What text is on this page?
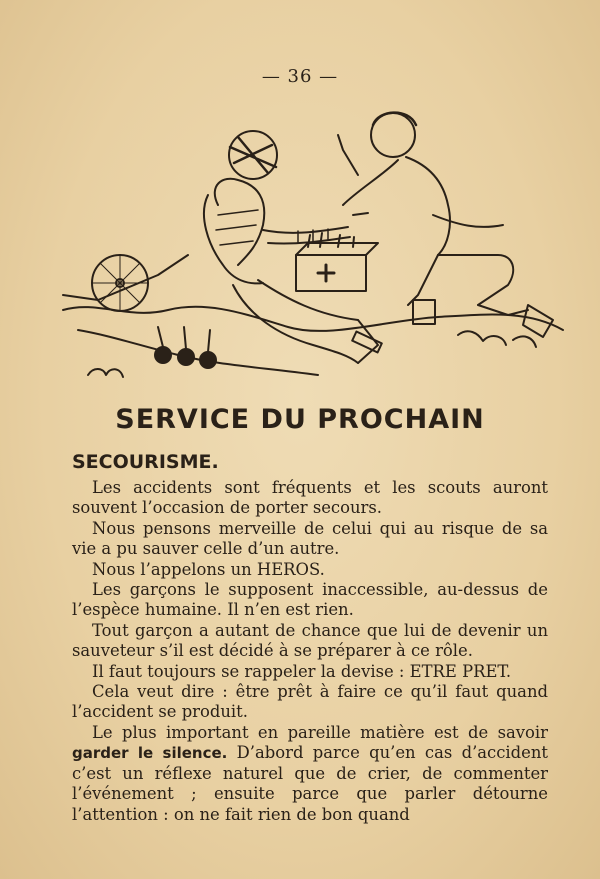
— 36 —
SERVICE DU PROCHAIN
SECOURISME.

Les accidents sont fréquents et les scouts auront souvent l’occasion de porter secours.

Nous pensons merveille de celui qui au risque de sa vie a pu sauver celle d’un autre.

Nous l’appelons un HEROS.

Les garçons le supposent inaccessible, au-dessus de l’espèce humaine. Il n’en est rien.

Tout garçon a autant de chance que lui de devenir un sauveteur s’il est décidé à se préparer à ce rôle.

Il faut toujours se rappeler la devise : ETRE PRET.

Cela veut dire : être prêt à faire ce qu’il faut quand l’accident se produit.

Le plus important en pareille matière est de savoir garder le silence. D’abord parce qu’en cas d’accident c’est un réflexe naturel que de crier, de commenter l’événement ; ensuite parce que parler détourne l’attention : on ne fait rien de bon quand
